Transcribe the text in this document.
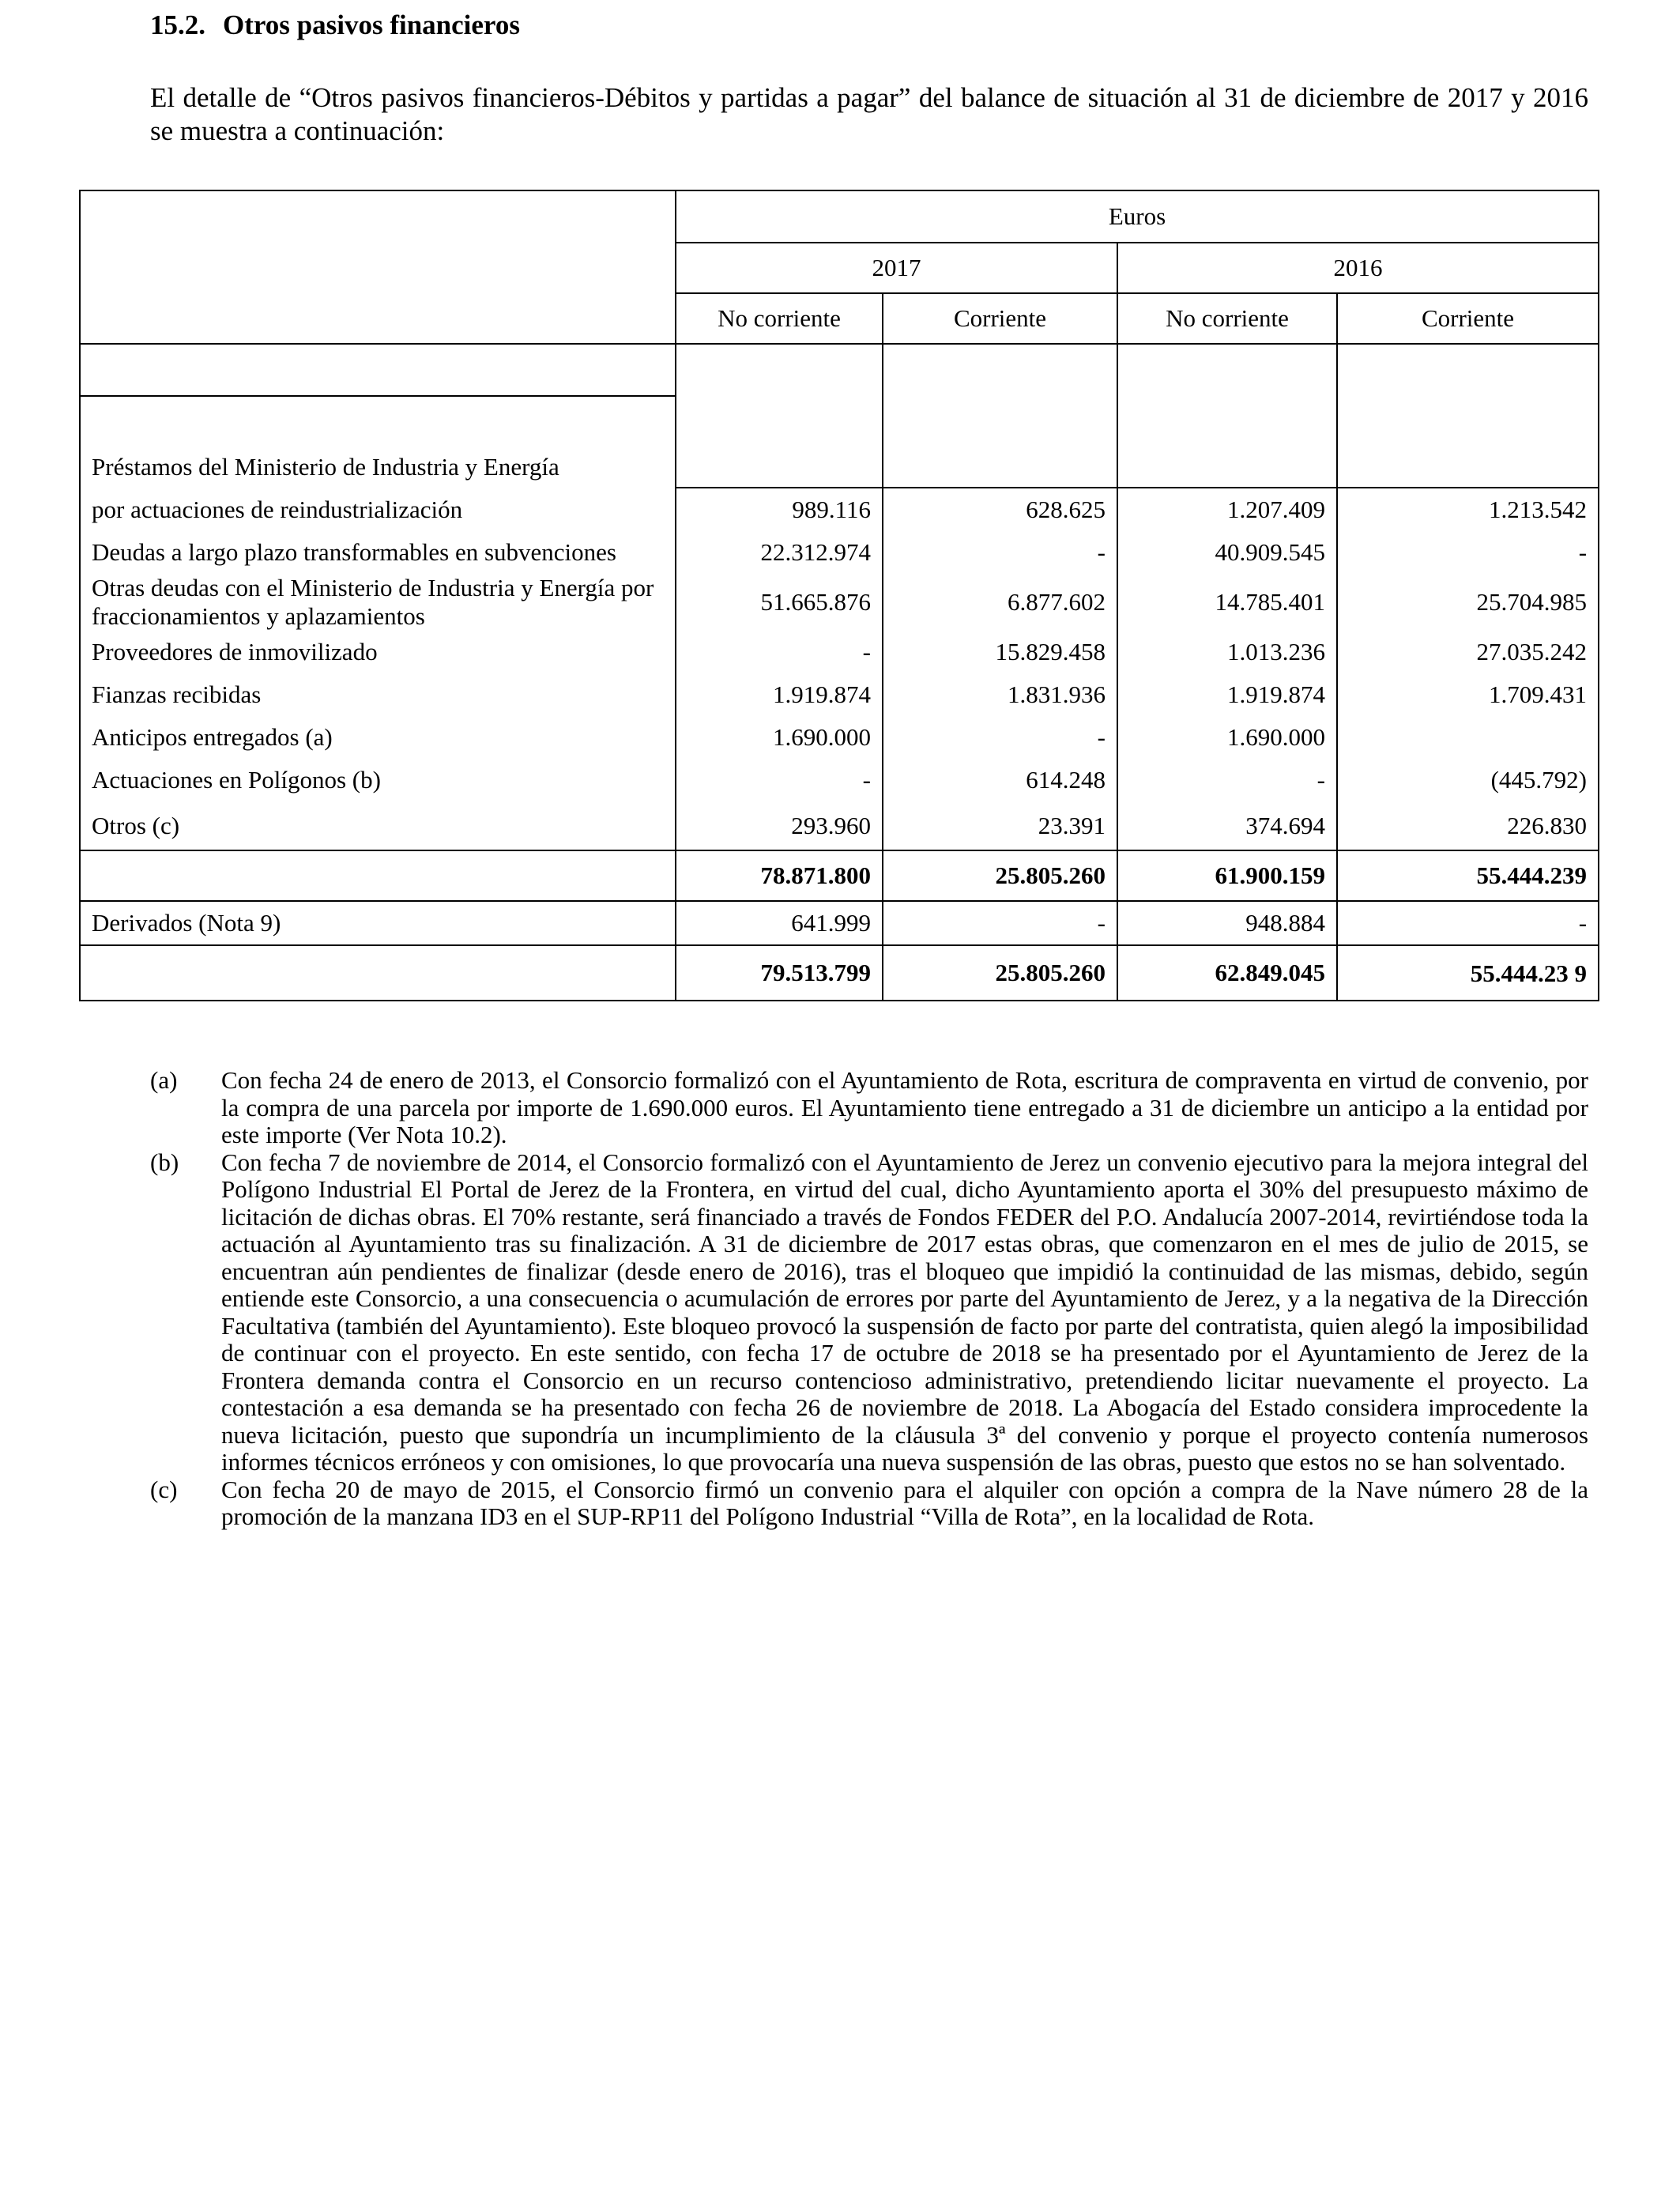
15.2. Otros pasivos financieros

El detalle de “Otros pasivos financieros-Débitos y partidas a pagar” del balance de situación al 31 de diciembre de 2017 y 2016 se muestra a continuación:

	Euros			
	2017		2016	
	No corriente	Corriente	No corriente	Corriente

Préstamos del Ministerio de Industria y Energía				
por actuaciones de reindustrialización	989.116	628.625	1.207.409	1.213.542
Deudas a largo plazo transformables en subvenciones	22.312.974	-	40.909.545	-
Otras deudas con el Ministerio de Industria y Energía por fraccionamientos y aplazamientos	51.665.876	6.877.602	14.785.401	25.704.985
Proveedores de inmovilizado	-	15.829.458	1.013.236	27.035.242
Fianzas recibidas	1.919.874	1.831.936	1.919.874	1.709.431
Anticipos entregados (a)	1.690.000	-	1.690.000	
Actuaciones en Polígonos (b)	-	614.248	-	(445.792)
Otros (c)	293.960	23.391	374.694	226.830
	78.871.800	25.805.260	61.900.159	55.444.239
Derivados (Nota 9)	641.999	-	948.884	-
	79.513.799	25.805.260	62.849.045	55.444.23 9
(a)	Con fecha 24 de enero de 2013, el Consorcio formalizó con el Ayuntamiento de Rota, escritura de compraventa en virtud de convenio, por la compra de una parcela por importe de 1.690.000 euros. El Ayuntamiento tiene entregado a 31 de diciembre un anticipo a la entidad por este importe (Ver Nota 10.2).
(b)	Con fecha 7 de noviembre de 2014, el Consorcio formalizó con el Ayuntamiento de Jerez un convenio ejecutivo para la mejora integral del Polígono Industrial El Portal de Jerez de la Frontera, en virtud del cual, dicho Ayuntamiento aporta el 30% del presupuesto máximo de licitación de dichas obras. El 70% restante, será financiado a través de Fondos FEDER del P.O. Andalucía 2007-2014, revirtiéndose toda la actuación al Ayuntamiento tras su finalización. A 31 de diciembre de 2017 estas obras, que comenzaron en el mes de julio de 2015, se encuentran aún pendientes de finalizar (desde enero de 2016), tras el bloqueo que impidió la continuidad de las mismas, debido, según entiende este Consorcio, a una consecuencia o acumulación de errores por parte del Ayuntamiento de Jerez, y a la negativa de la Dirección Facultativa (también del Ayuntamiento). Este bloqueo provocó la suspensión de facto por parte del contratista, quien alegó la imposibilidad de continuar con el proyecto. En este sentido, con fecha 17 de octubre de 2018 se ha presentado por el Ayuntamiento de Jerez de la Frontera demanda contra el Consorcio en un recurso contencioso administrativo, pretendiendo licitar nuevamente el proyecto. La contestación a esa demanda se ha presentado con fecha 26 de noviembre de 2018. La Abogacía del Estado considera improcedente la nueva licitación, puesto que supondría un incumplimiento de la cláusula 3ª del convenio y porque el proyecto contenía numerosos informes técnicos erróneos y con omisiones, lo que provocaría una nueva suspensión de las obras, puesto que estos no se han solventado.
(c)	Con fecha 20 de mayo de 2015, el Consorcio firmó un convenio para el alquiler con opción a compra de la Nave número 28 de la promoción de la manzana ID3 en el SUP-RP11 del Polígono Industrial “Villa de Rota”, en la localidad de Rota.
